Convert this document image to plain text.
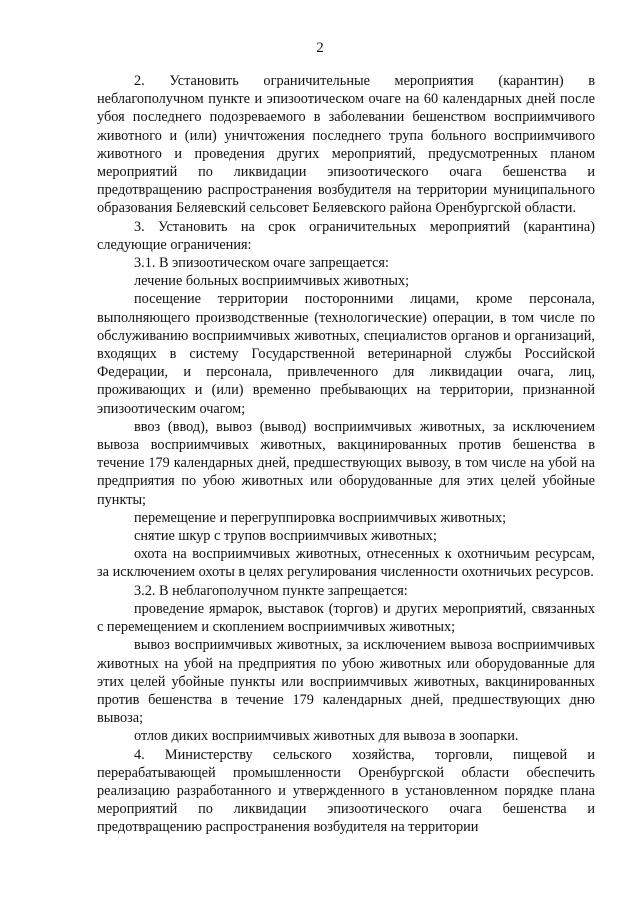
2

2. Установить ограничительные мероприятия (карантин) в неблагополучном пункте и эпизоотическом очаге на 60 календарных дней после убоя последнего подозреваемого в заболевании бешенством восприимчивого животного и (или) уничтожения последнего трупа больного восприимчивого животного и проведения других мероприятий, предусмотренных планом мероприятий по ликвидации эпизоотического очага бешенства и предотвращению распространения возбудителя на территории муниципального образования Беляевский сельсовет Беляевского района Оренбургской области.

3. Установить на срок ограничительных мероприятий (карантина) следующие ограничения:

3.1. В эпизоотическом очаге запрещается:

лечение больных восприимчивых животных;

посещение территории посторонними лицами, кроме персонала, выполняющего производственные (технологические) операции, в том числе по обслуживанию восприимчивых животных, специалистов органов и организаций, входящих в систему Государственной ветеринарной службы Российской Федерации, и персонала, привлеченного для ликвидации очага, лиц, проживающих и (или) временно пребывающих на территории, признанной эпизоотическим очагом;

ввоз (ввод), вывоз (вывод) восприимчивых животных, за исключением вывоза восприимчивых животных, вакцинированных против бешенства в течение 179 календарных дней, предшествующих вывозу, в том числе на убой на предприятия по убою животных или оборудованные для этих целей убойные пункты;

перемещение и перегруппировка восприимчивых животных;

снятие шкур с трупов восприимчивых животных;

охота на восприимчивых животных, отнесенных к охотничьим ресурсам, за исключением охоты в целях регулирования численности охотничьих ресурсов.

3.2. В неблагополучном пункте запрещается:

проведение ярмарок, выставок (торгов) и других мероприятий, связанных с перемещением и скоплением восприимчивых животных;

вывоз восприимчивых животных, за исключением вывоза восприимчивых животных на убой на предприятия по убою животных или оборудованные для этих целей убойные пункты или восприимчивых животных, вакцинированных против бешенства в течение 179 календарных дней, предшествующих дню вывоза;

отлов диких восприимчивых животных для вывоза в зоопарки.

4. Министерству сельского хозяйства, торговли, пищевой и перерабатывающей промышленности Оренбургской области обеспечить реализацию разработанного и утвержденного в установленном порядке плана мероприятий по ликвидации эпизоотического очага бешенства и предотвращению распространения возбудителя на территории
